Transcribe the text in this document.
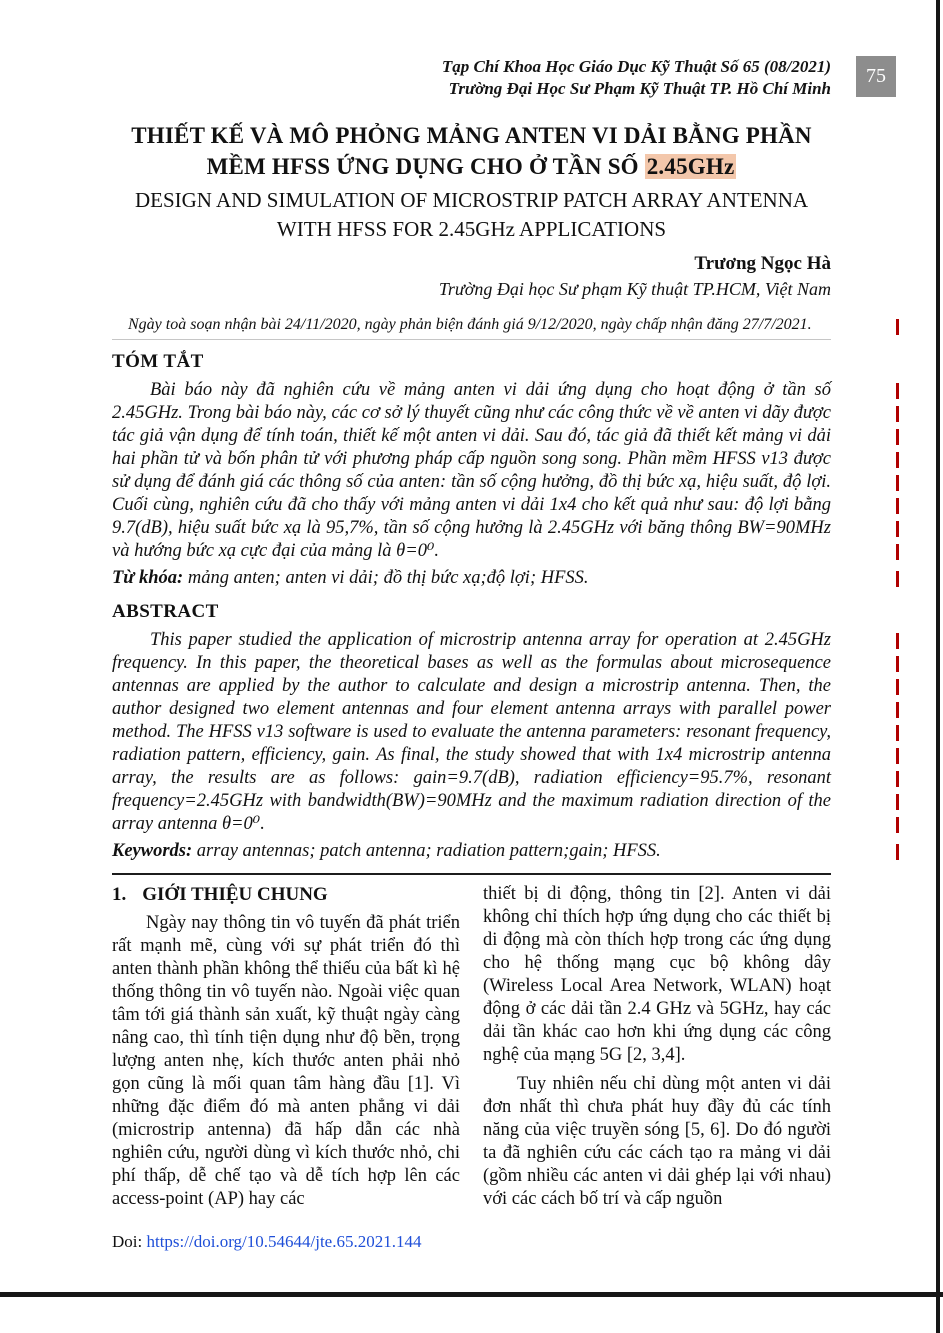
75
Tạp Chí Khoa Học Giáo Dục Kỹ Thuật Số 65 (08/2021)
Trường Đại Học Sư Phạm Kỹ Thuật TP. Hồ Chí Minh
THIẾT KẾ VÀ MÔ PHỎNG MẢNG ANTEN VI DẢI BẰNG PHẦN MỀM HFSS ỨNG DỤNG CHO Ở TẦN SỐ 2.45GHz
DESIGN AND SIMULATION OF MICROSTRIP PATCH ARRAY ANTENNA WITH HFSS FOR 2.45GHz APPLICATIONS
Trương Ngọc Hà
Trường Đại học Sư phạm Kỹ thuật TP.HCM, Việt Nam
Ngày toà soạn nhận bài 24/11/2020, ngày phản biện đánh giá 9/12/2020, ngày chấp nhận đăng 27/7/2021.
TÓM TẮT

Bài báo này đã nghiên cứu về mảng anten vi dải ứng dụng cho hoạt động ở tần số 2.45GHz. Trong bài báo này, các cơ sở lý thuyết cũng như các công thức về về anten vi dãy được tác giả vận dụng để tính toán, thiết kế một anten vi dải. Sau đó, tác giả đã thiết kết mảng vi dải hai phần tử và bốn phân tử với phương pháp cấp nguồn song song. Phần mềm HFSS v13 được sử dụng để đánh giá các thông số của anten: tần số cộng hưởng, đồ thị bức xạ, hiệu suất, độ lợi. Cuối cùng, nghiên cứu đã cho thấy với mảng anten vi dải 1x4 cho kết quả như sau: độ lợi bằng 9.7(dB), hiệu suất bức xạ là 95,7%, tần số cộng hưởng là 2.45GHz với băng thông BW=90MHz và hướng bức xạ cực đại của mảng là θ=0⁰.

Từ khóa: mảng anten; anten vi dải; đồ thị bức xạ;độ lợi; HFSS.

ABSTRACT

This paper studied the application of microstrip antenna array for operation at 2.45GHz frequency. In this paper, the theoretical bases as well as the formulas about microsequence antennas are applied by the author to calculate and design a microstrip antenna. Then, the author designed two element antennas and four element antenna arrays with parallel power method. The HFSS v13 software is used to evaluate the antenna parameters: resonant frequency, radiation pattern, efficiency, gain. As final, the study showed that with 1x4 microstrip antenna array, the results are as follows: gain=9.7(dB), radiation efficiency=95.7%, resonant frequency=2.45GHz with bandwidth(BW)=90MHz and the maximum radiation direction of the array antenna θ=0⁰.

Keywords: array antennas; patch antenna; radiation pattern;gain; HFSS.

1. GIỚI THIỆU CHUNG

Ngày nay thông tin vô tuyến đã phát triển rất mạnh mẽ, cùng với sự phát triển đó thì anten thành phần không thể thiếu của bất kì hệ thống thông tin vô tuyến nào. Ngoài việc quan tâm tới giá thành sản xuất, kỹ thuật ngày càng nâng cao, thì tính tiện dụng như độ bền, trọng lượng anten nhẹ, kích thước anten phải nhỏ gọn cũng là mối quan tâm hàng đầu [1]. Vì những đặc điểm đó mà anten phẳng vi dải (microstrip antenna) đã hấp dẫn các nhà nghiên cứu, người dùng vì kích thước nhỏ, chi phí thấp, dễ chế tạo và dễ tích hợp lên các access-point (AP) hay các

thiết bị di động, thông tin [2]. Anten vi dải không chỉ thích hợp ứng dụng cho các thiết bị di động mà còn thích hợp trong các ứng dụng cho hệ thống mạng cục bộ không dây (Wireless Local Area Network, WLAN) hoạt động ở các dải tần 2.4 GHz và 5GHz, hay các dải tần khác cao hơn khi ứng dụng các công nghệ của mạng 5G [2, 3,4].

Tuy nhiên nếu chỉ dùng một anten vi dải đơn nhất thì chưa phát huy đầy đủ các tính năng của việc truyền sóng [5, 6]. Do đó người ta đã nghiên cứu các cách tạo ra mảng vi dải (gồm nhiều các anten vi dải ghép lại với nhau) với các cách bố trí và cấp nguồn

Doi: https://doi.org/10.54644/jte.65.2021.144
